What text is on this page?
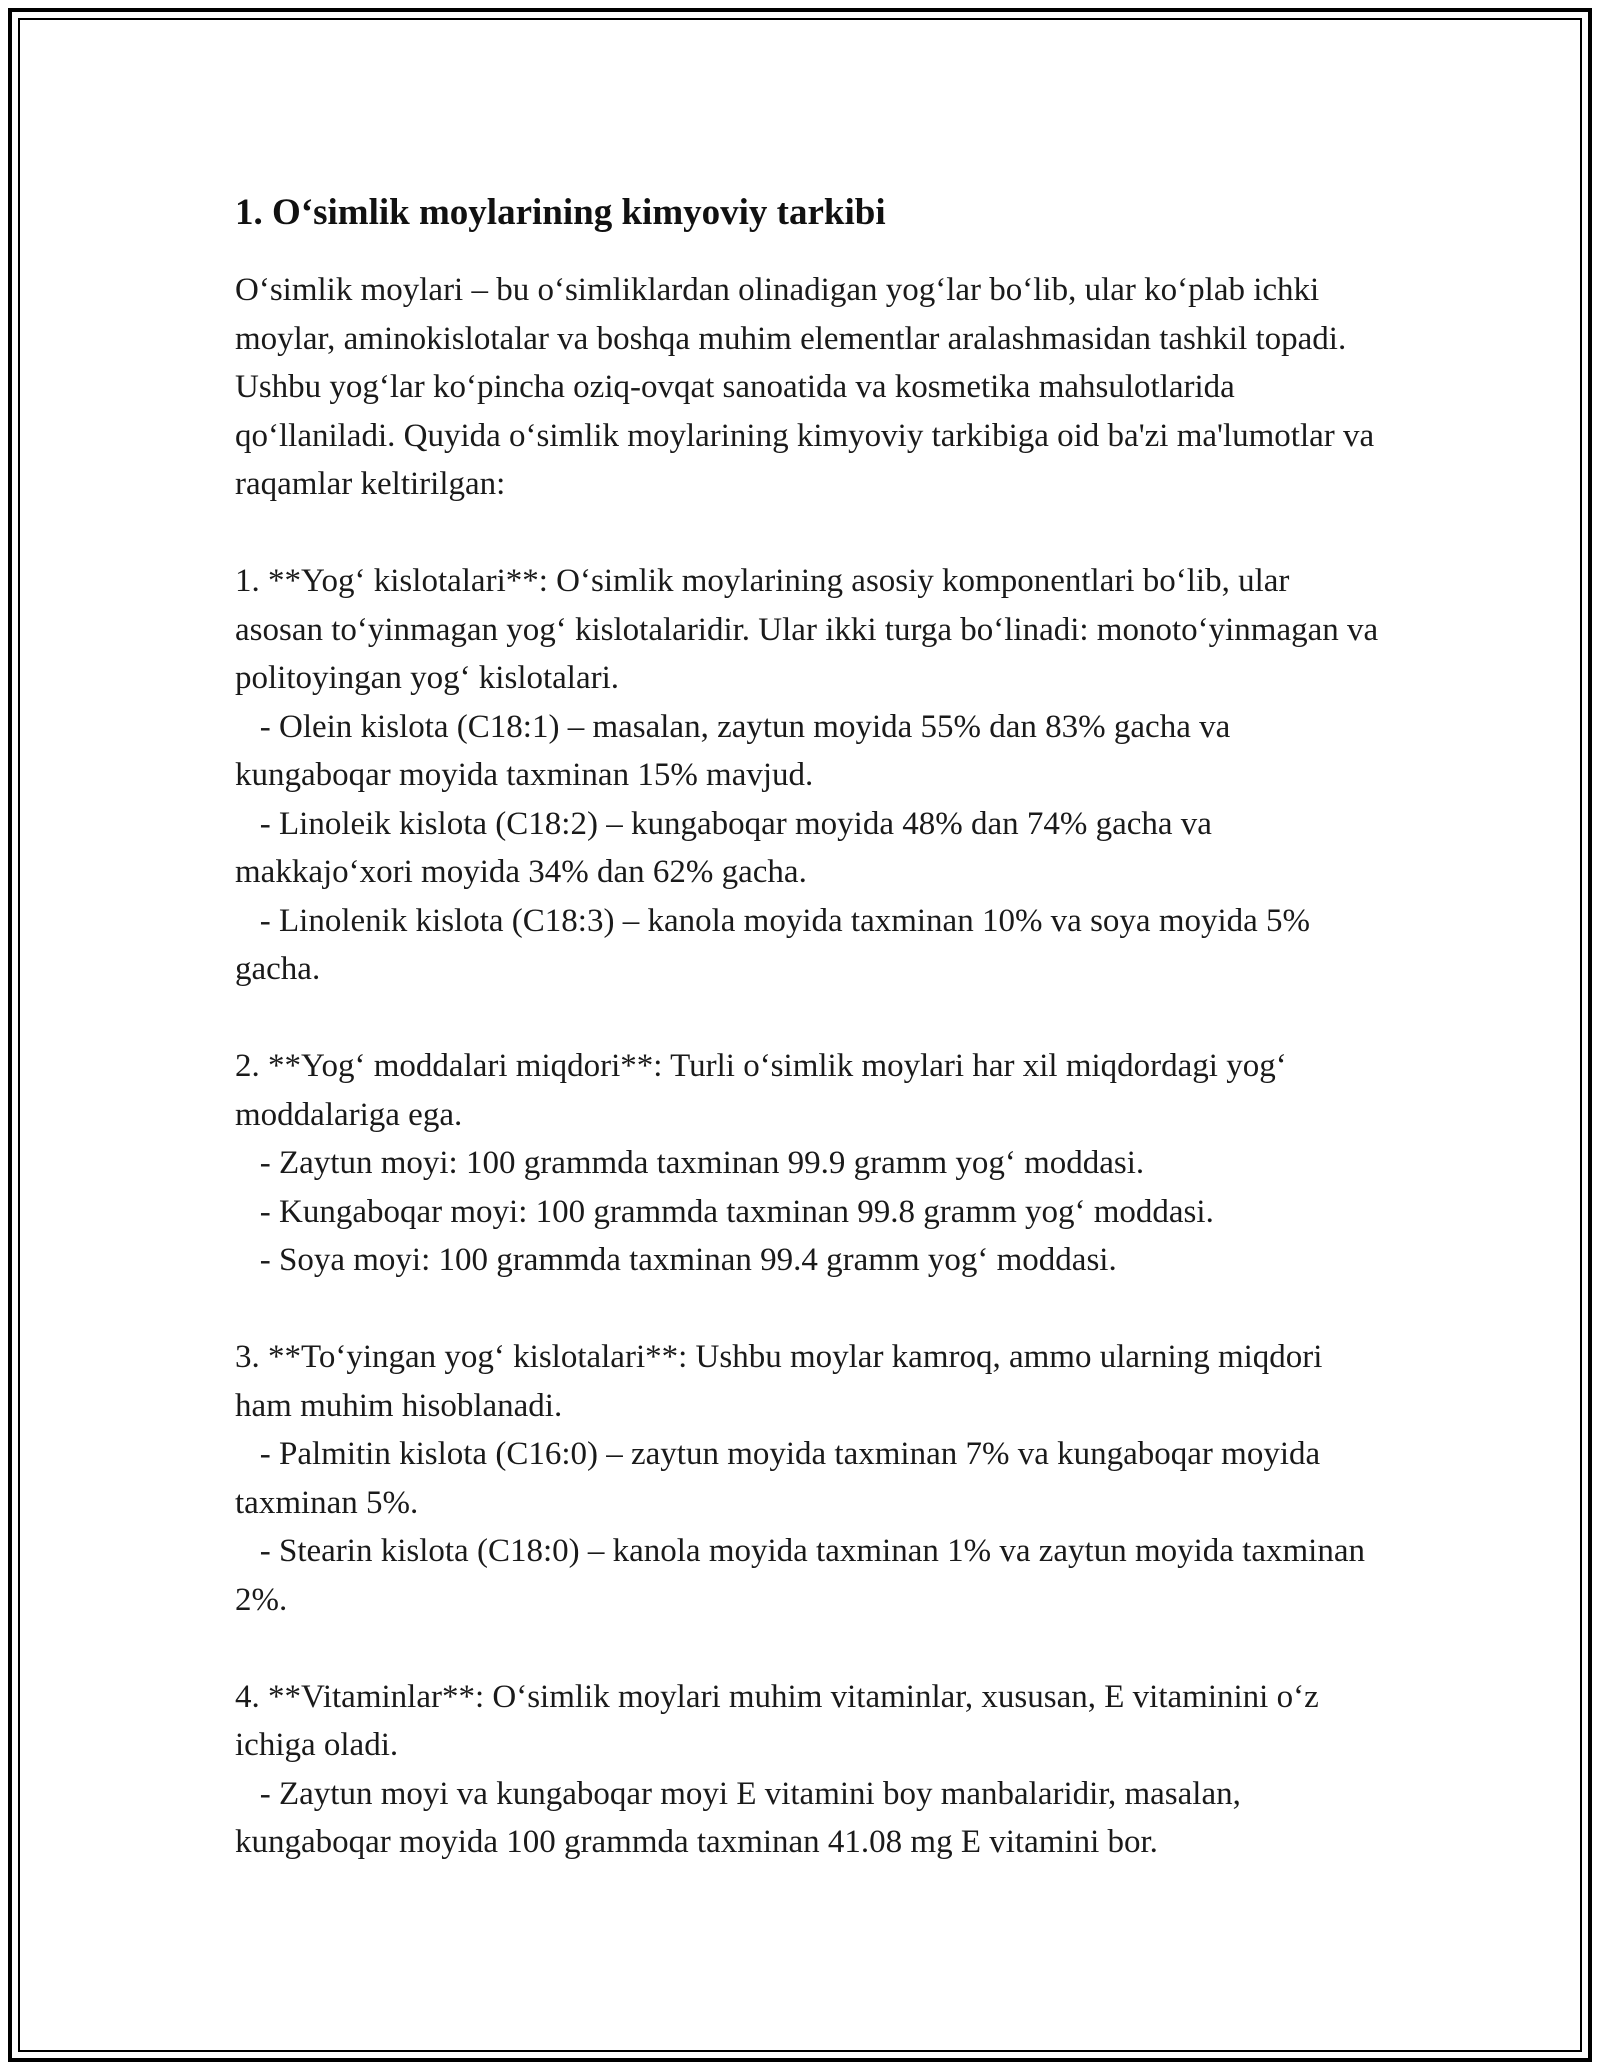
1. O‘simlik moylarining kimyoviy tarkibi

O‘simlik moylari – bu o‘simliklardan olinadigan yog‘lar bo‘lib, ular ko‘plab ichki moylar, aminokislotalar va boshqa muhim elementlar aralashmasidan tashkil topadi. Ushbu yog‘lar ko‘pincha oziq-ovqat sanoatida va kosmetika mahsulotlarida qo‘llaniladi. Quyida o‘simlik moylarining kimyoviy tarkibiga oid ba'zi ma'lumotlar va raqamlar keltirilgan:

1. **Yog‘ kislotalari**: O‘simlik moylarining asosiy komponentlari bo‘lib, ular asosan to‘yinmagan yog‘ kislotalaridir. Ular ikki turga bo‘linadi: monoto‘yinmagan va politoyingan yog‘ kislotalari.

- Olein kislota (C18:1) – masalan, zaytun moyida 55% dan 83% gacha va kungaboqar moyida taxminan 15% mavjud.

- Linoleik kislota (C18:2) – kungaboqar moyida 48% dan 74% gacha va makkajo‘xori moyida 34% dan 62% gacha.

- Linolenik kislota (C18:3) – kanola moyida taxminan 10% va soya moyida 5% gacha.

2. **Yog‘ moddalari miqdori**: Turli o‘simlik moylari har xil miqdordagi yog‘ moddalariga ega.

- Zaytun moyi: 100 grammda taxminan 99.9 gramm yog‘ moddasi.

- Kungaboqar moyi: 100 grammda taxminan 99.8 gramm yog‘ moddasi.

- Soya moyi: 100 grammda taxminan 99.4 gramm yog‘ moddasi.

3. **To‘yingan yog‘ kislotalari**: Ushbu moylar kamroq, ammo ularning miqdori ham muhim hisoblanadi.

- Palmitin kislota (C16:0) – zaytun moyida taxminan 7% va kungaboqar moyida taxminan 5%.

- Stearin kislota (C18:0) – kanola moyida taxminan 1% va zaytun moyida taxminan 2%.

4. **Vitaminlar**: O‘simlik moylari muhim vitaminlar, xususan, E vitaminini o‘z ichiga oladi.

- Zaytun moyi va kungaboqar moyi E vitamini boy manbalaridir, masalan, kungaboqar moyida 100 grammda taxminan 41.08 mg E vitamini bor.
